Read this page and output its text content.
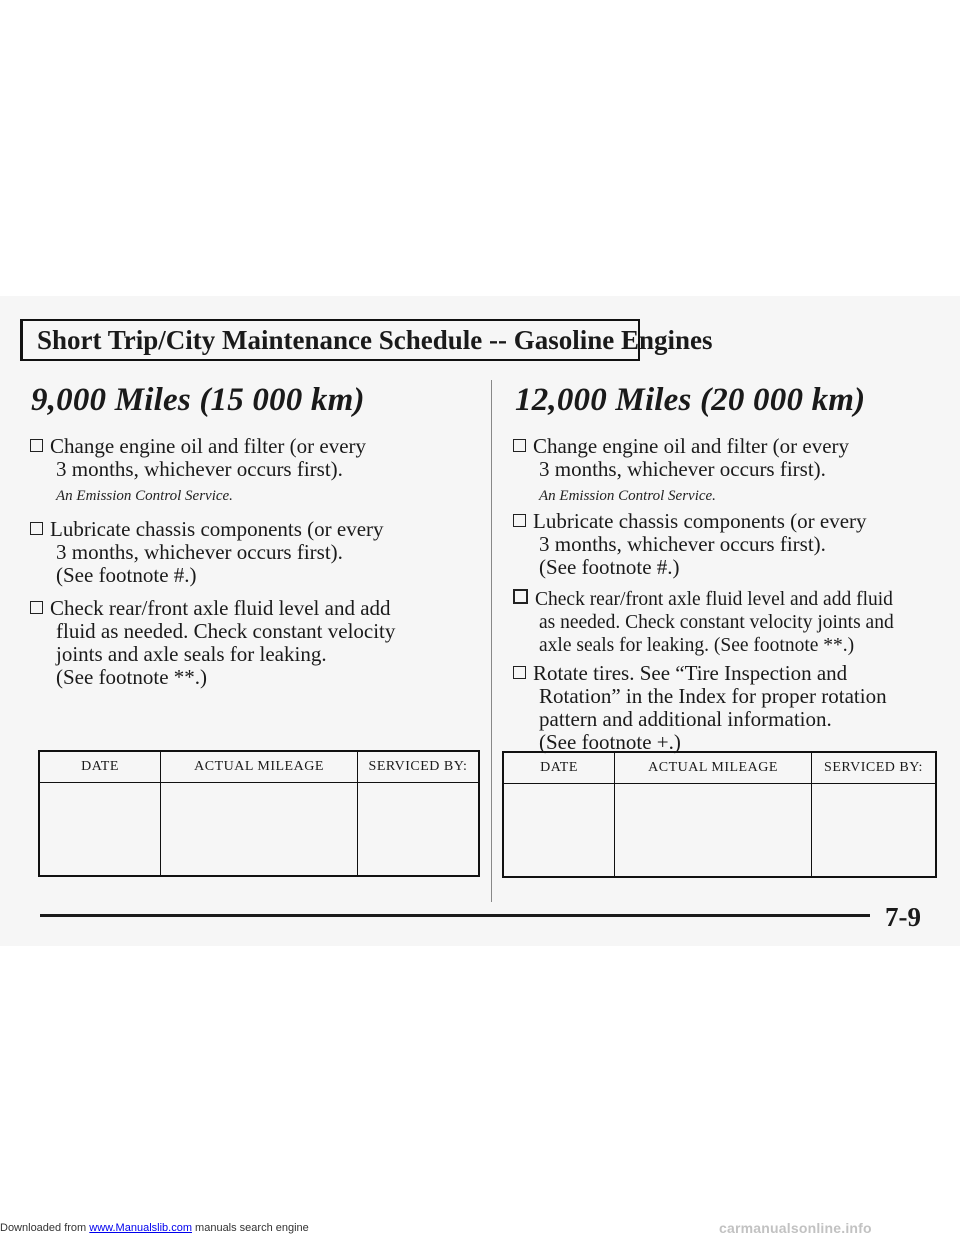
Short Trip/City Maintenance Schedule -- Gasoline Engines
9,000 Miles (15 000 km)
Change engine oil and filter (or every
3 months, whichever occurs first).
An Emission Control Service.
Lubricate chassis components (or every
3 months, whichever occurs first).
(See footnote #.)
Check rear/front axle fluid level and add
fluid as needed. Check constant velocity
joints and axle seals for leaking.
(See footnote **.)
DATE	ACTUAL MILEAGE	SERVICED BY:

12,000 Miles (20 000 km)
Change engine oil and filter (or every
3 months, whichever occurs first).
An Emission Control Service.
Lubricate chassis components (or every
3 months, whichever occurs first).
(See footnote #.)
Check rear/front axle fluid level and add fluid
as needed. Check constant velocity joints and
axle seals for leaking. (See footnote **.)
Rotate tires. See “Tire Inspection and
Rotation” in the Index for proper rotation
pattern and additional information.
(See footnote +.)
DATE	ACTUAL MILEAGE	SERVICED BY:

7-9
Downloaded from www.Manualslib.com manuals search engine	carmanualsonline.info
